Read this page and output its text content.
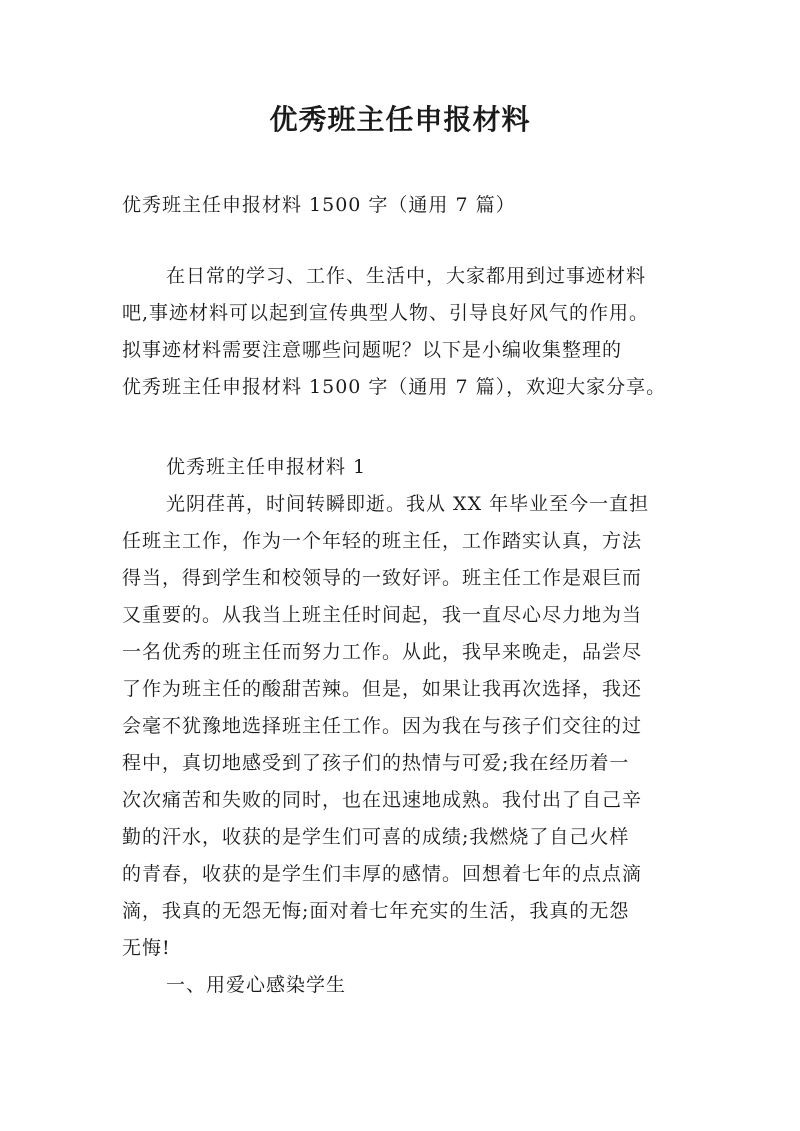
优秀班主任申报材料
优秀班主任申报材料 1500 字（通用 7 篇）
在日常的学习、工作、生活中，大家都用到过事迹材料
吧,事迹材料可以起到宣传典型人物、引导良好风气的作用。
拟事迹材料需要注意哪些问题呢？以下是小编收集整理的
优秀班主任申报材料 1500 字（通用 7 篇），欢迎大家分享。
优秀班主任申报材料 1
光阴荏苒，时间转瞬即逝。我从 XX 年毕业至今一直担
任班主工作，作为一个年轻的班主任，工作踏实认真，方法
得当，得到学生和校领导的一致好评。班主任工作是艰巨而
又重要的。从我当上班主任时间起，我一直尽心尽力地为当
一名优秀的班主任而努力工作。从此，我早来晚走，品尝尽
了作为班主任的酸甜苦辣。但是，如果让我再次选择，我还
会毫不犹豫地选择班主任工作。因为我在与孩子们交往的过
程中，真切地感受到了孩子们的热情与可爱;我在经历着一
次次痛苦和失败的同时，也在迅速地成熟。我付出了自己辛
勤的汗水，收获的是学生们可喜的成绩;我燃烧了自己火样
的青春，收获的是学生们丰厚的感情。回想着七年的点点滴
滴，我真的无怨无悔;面对着七年充实的生活，我真的无怨
无悔!
一、用爱心感染学生
